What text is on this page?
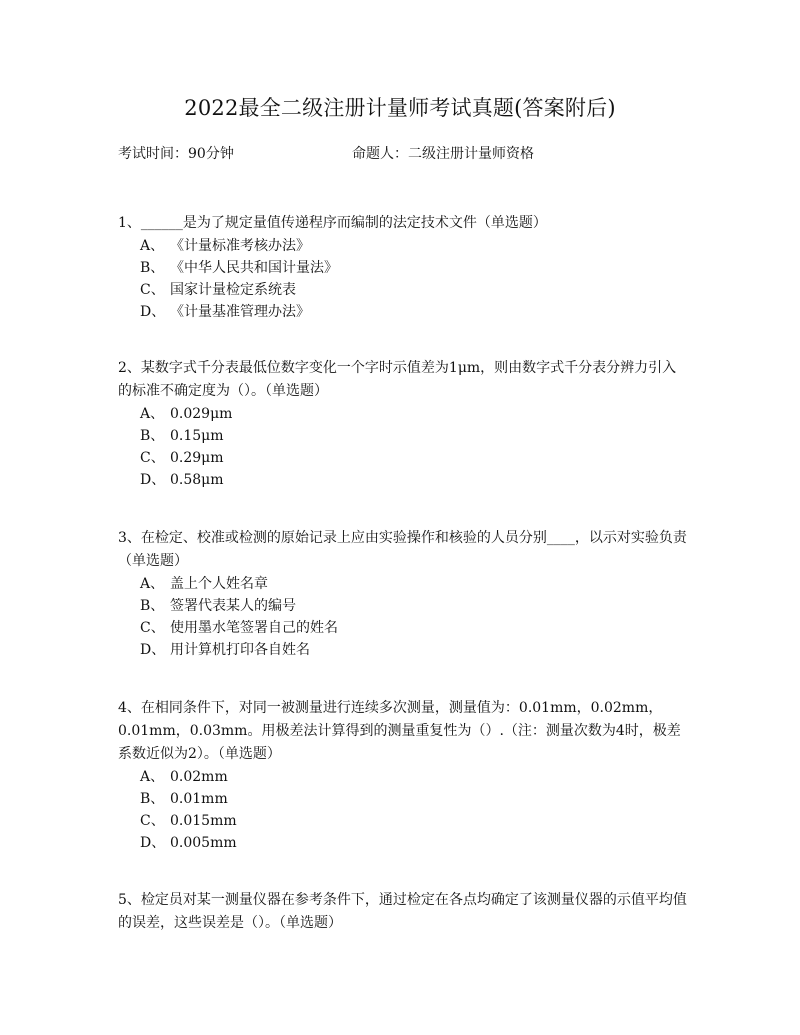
2022最全二级注册计量师考试真题(答案附后)
考试时间：90分钟	命题人：二级注册计量师资格

1、______是为了规定量值传递程序而编制的法定技术文件（单选题）

A、 《计量标准考核办法》
B、 《中华人民共和国计量法》
C、 国家计量检定系统表
D、 《计量基准管理办法》

2、某数字式千分表最低位数字变化一个字时示值差为1μm，则由数字式千分表分辨力引入的标准不确定度为（）。（单选题）

A、 0.029μm
B、 0.15μm
C、 0.29μm
D、 0.58μm

3、在检定、校准或检测的原始记录上应由实验操作和核验的人员分别____，以示对实验负责（单选题）

A、 盖上个人姓名章
B、 签署代表某人的编号
C、 使用墨水笔签署自己的姓名
D、 用计算机打印各自姓名

4、在相同条件下，对同一被测量进行连续多次测量，测量值为：0.01mm，0.02mm，0.01mm，0.03mm。用极差法计算得到的测量重复性为（）.（注：测量次数为4时，极差系数近似为2）。（单选题）

A、 0.02mm
B、 0.01mm
C、 0.015mm
D、 0.005mm

5、检定员对某一测量仪器在参考条件下，通过检定在各点均确定了该测量仪器的示值平均值的误差，这些误差是（）。（单选题）
